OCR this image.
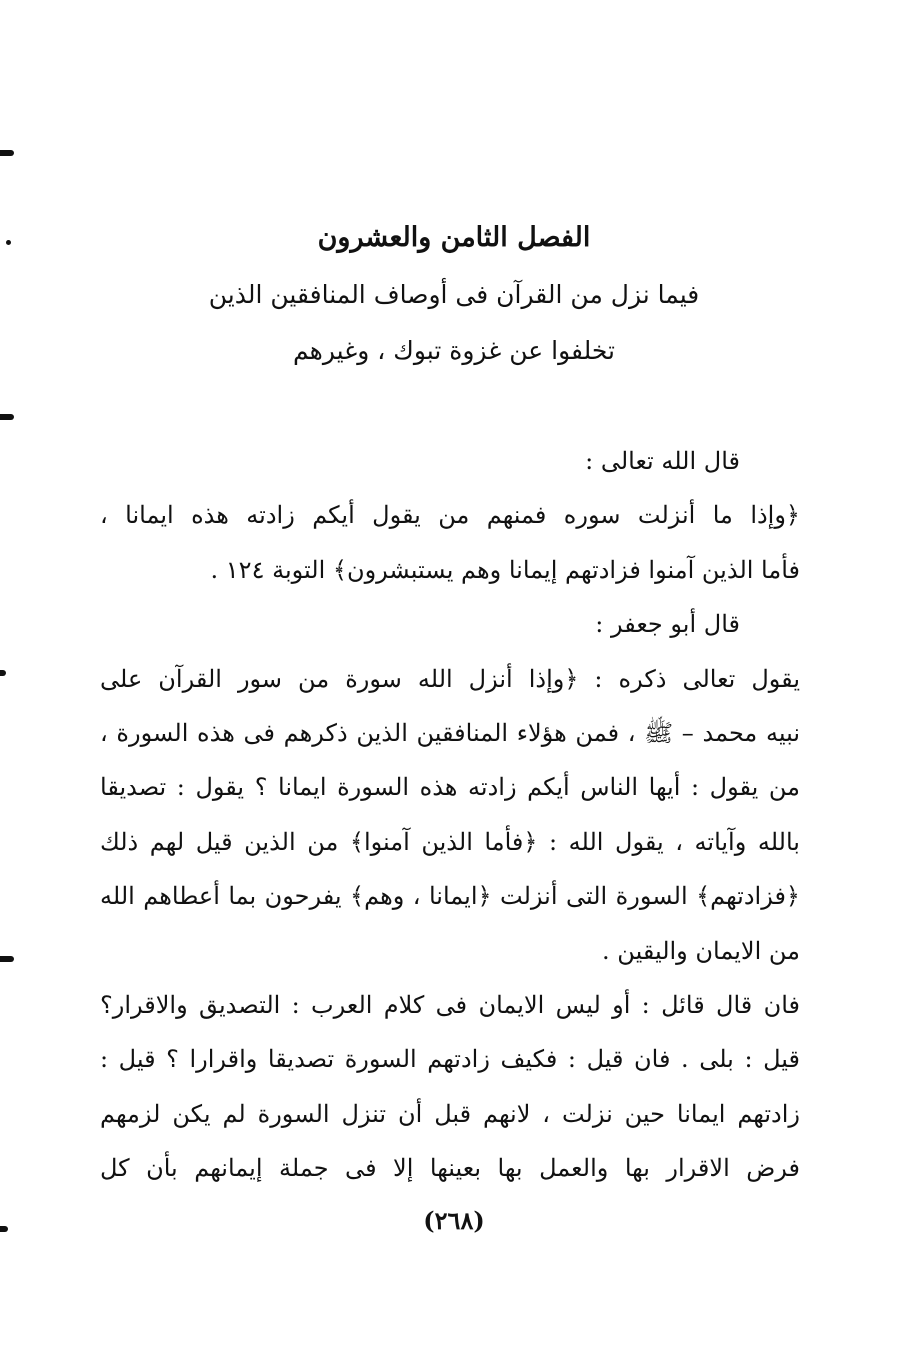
الفصل الثامن والعشرون
فيما نزل من القرآن فى أوصاف المنافقين الذين
تخلفوا عن غزوة تبوك ، وغيرهم
قال الله تعالى :
﴿وإذا ما أنزلت سوره فمنهم من يقول أيكم زادته هذه ايمانا ،
فأما الذين آمنوا فزادتهم إيمانا وهم يستبشرون﴾ التوبة ١٢٤ .
قال أبو جعفر :
يقول تعالى ذكره : ﴿وإذا أنزل الله سورة من سور القرآن على
نبيه محمد – ﷺ ، فمن هؤلاء المنافقين الذين ذكرهم فى هذه السورة ،
من يقول : أيها الناس أيكم زادته هذه السورة ايمانا ؟ يقول : تصديقا
بالله وآياته ، يقول الله : ﴿فأما الذين آمنوا﴾ من الذين قيل لهم ذلك
﴿فزادتهم﴾ السورة التى أنزلت ﴿ايمانا ، وهم﴾ يفرحون بما أعطاهم الله
من الايمان واليقين .
فان قال قائل : أو ليس الايمان فى كلام العرب : التصديق والاقرار؟
قيل : بلى . فان قيل : فكيف زادتهم السورة تصديقا واقرارا ؟ قيل :
زادتهم ايمانا حين نزلت ، لانهم قبل أن تنزل السورة لم يكن لزمهم
فرض الاقرار بها والعمل بها بعينها إلا فى جملة إيمانهم بأن كل
(٢٦٨)
